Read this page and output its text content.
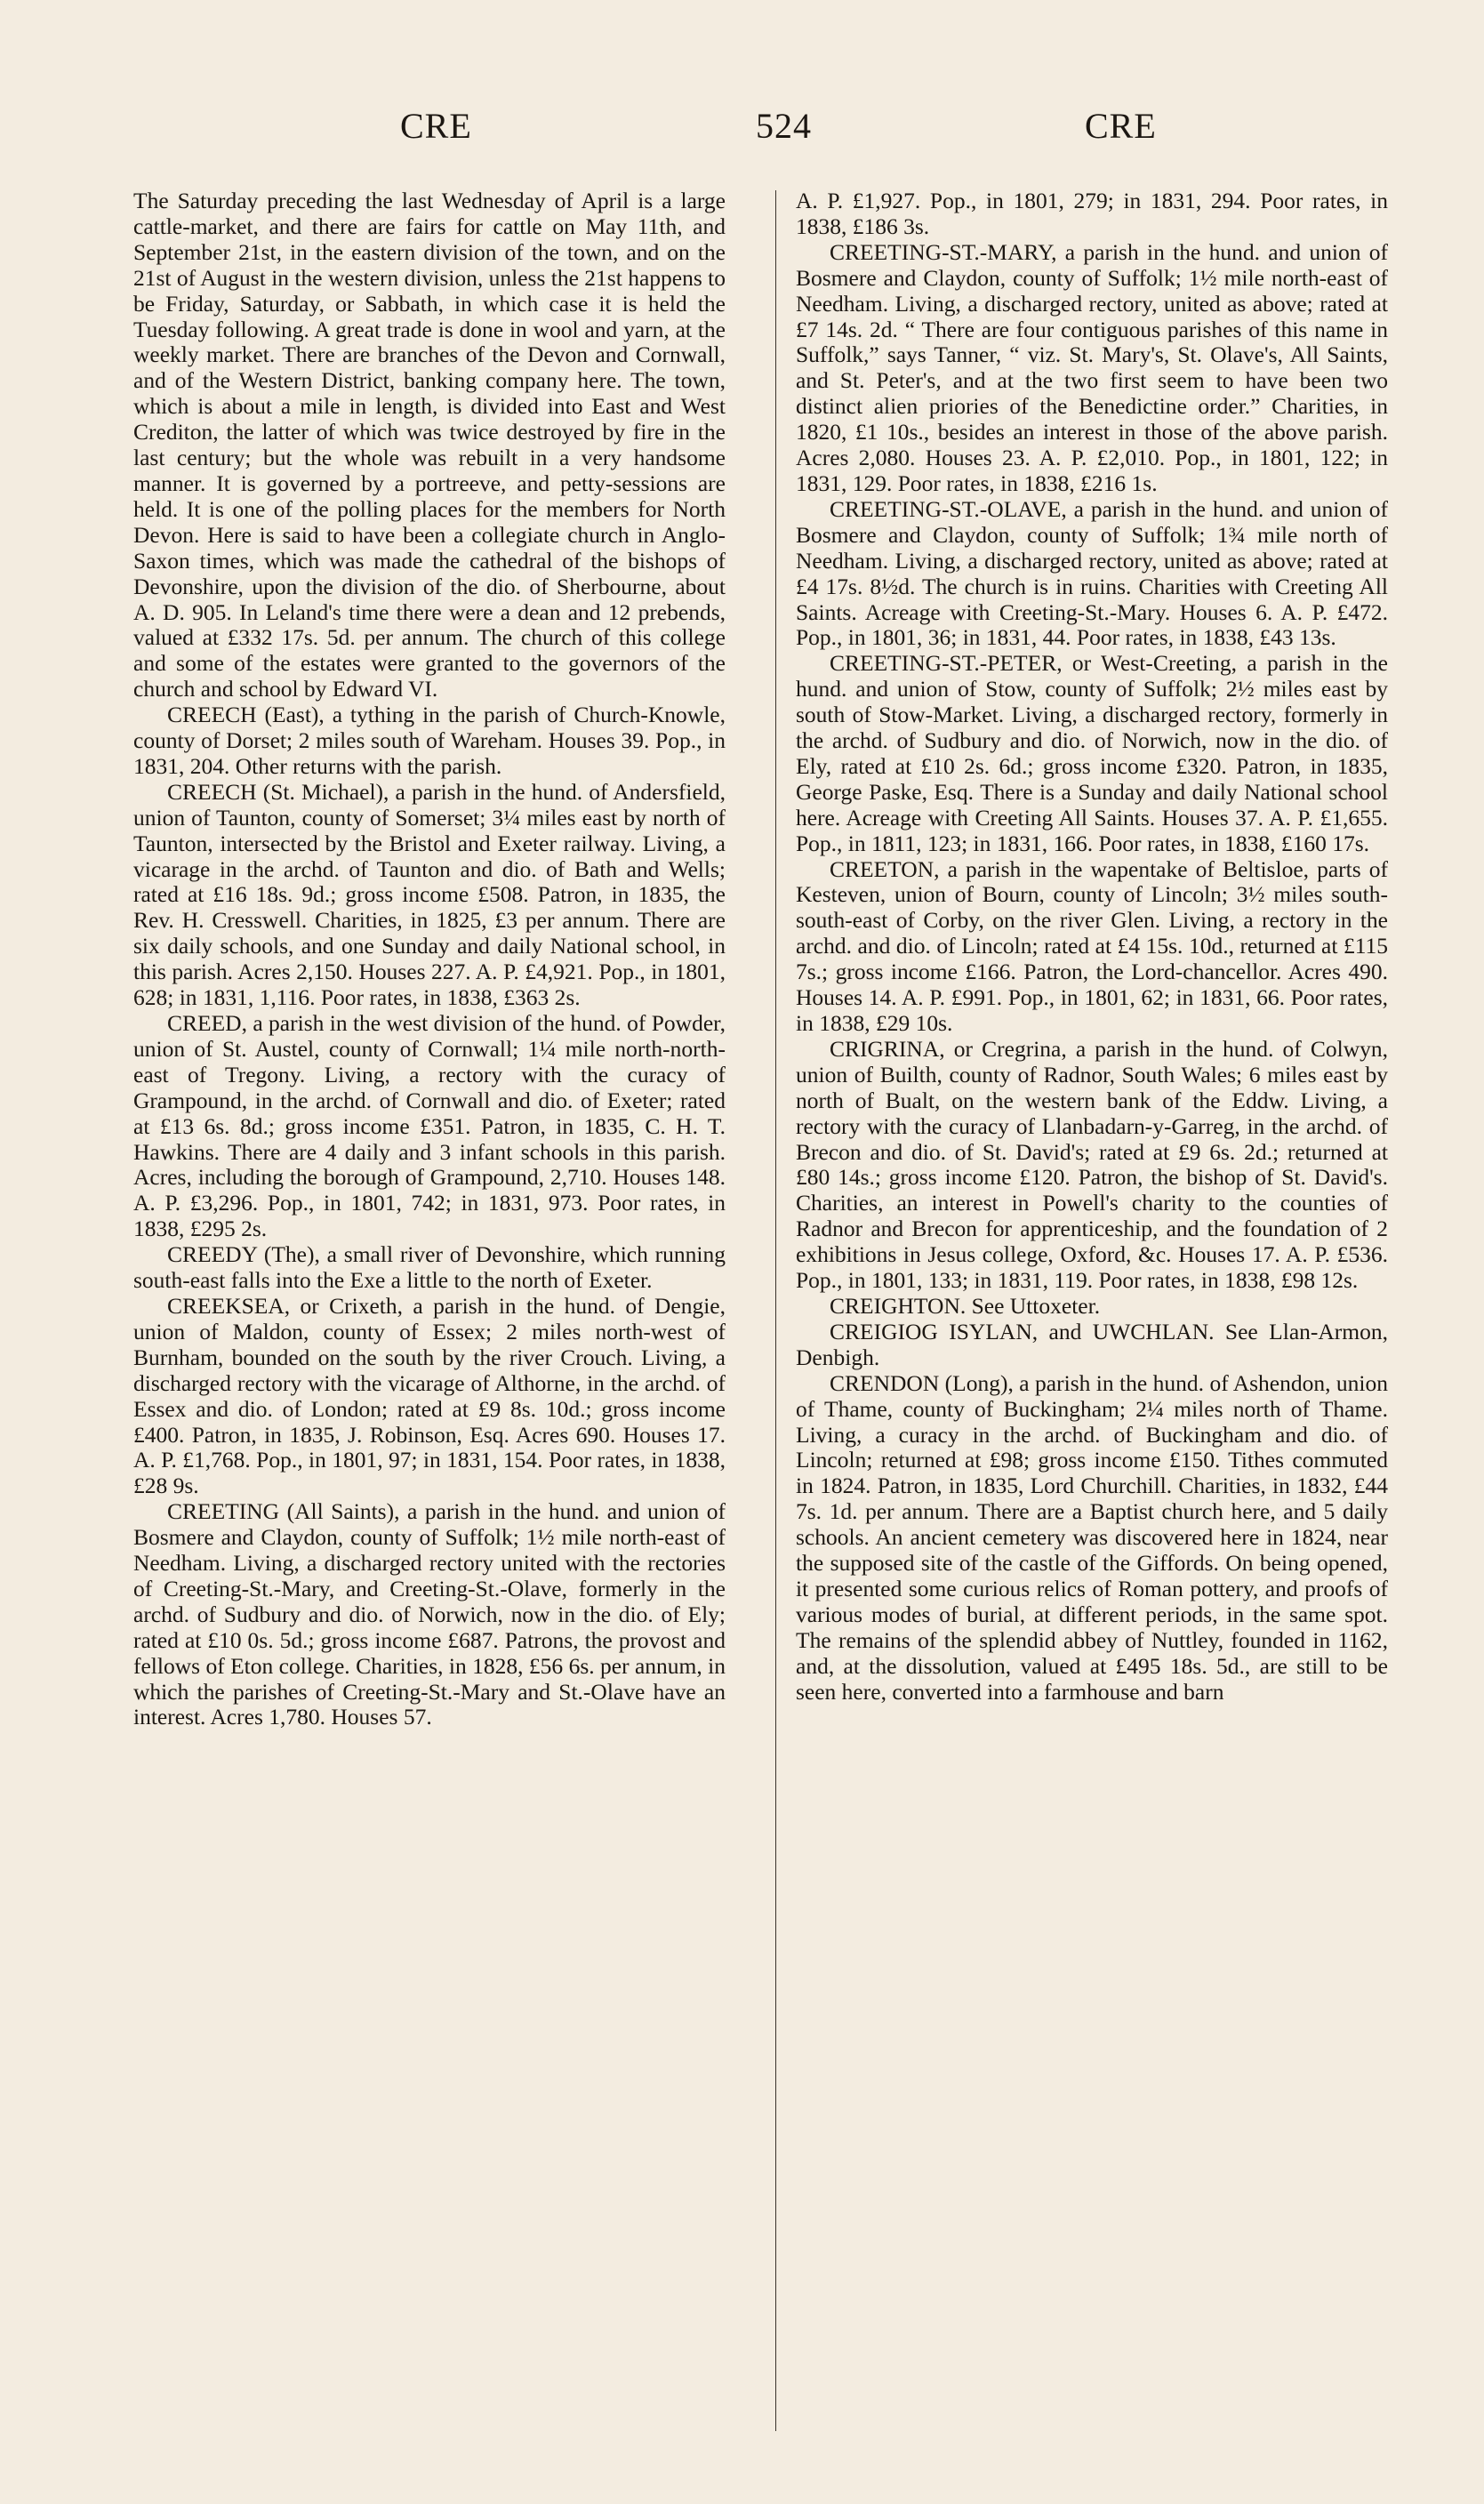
CRE	524	CRE

The Saturday preceding the last Wednesday of April is a large cattle-market, and there are fairs for cattle on May 11th, and September 21st, in the eastern division of the town, and on the 21st of August in the western division, unless the 21st happens to be Friday, Saturday, or Sabbath, in which case it is held the Tuesday following. A great trade is done in wool and yarn, at the weekly market. There are branches of the Devon and Cornwall, and of the Western District, banking company here. The town, which is about a mile in length, is divided into East and West Crediton, the latter of which was twice destroyed by fire in the last century; but the whole was rebuilt in a very handsome manner. It is governed by a portreeve, and petty-sessions are held. It is one of the polling places for the members for North Devon. Here is said to have been a collegiate church in Anglo-Saxon times, which was made the cathedral of the bishops of Devonshire, upon the division of the dio. of Sherbourne, about A. D. 905. In Leland's time there were a dean and 12 prebends, valued at £332 17s. 5d. per annum. The church of this college and some of the estates were granted to the governors of the church and school by Edward VI.

CREECH (East), a tything in the parish of Church-Knowle, county of Dorset; 2 miles south of Wareham. Houses 39. Pop., in 1831, 204. Other returns with the parish.

CREECH (St. Michael), a parish in the hund. of Andersfield, union of Taunton, county of Somerset; 3¼ miles east by north of Taunton, intersected by the Bristol and Exeter railway. Living, a vicarage in the archd. of Taunton and dio. of Bath and Wells; rated at £16 18s. 9d.; gross income £508. Patron, in 1835, the Rev. H. Cresswell. Charities, in 1825, £3 per annum. There are six daily schools, and one Sunday and daily National school, in this parish. Acres 2,150. Houses 227. A. P. £4,921. Pop., in 1801, 628; in 1831, 1,116. Poor rates, in 1838, £363 2s.

CREED, a parish in the west division of the hund. of Powder, union of St. Austel, county of Cornwall; 1¼ mile north-north-east of Tregony. Living, a rectory with the curacy of Grampound, in the archd. of Cornwall and dio. of Exeter; rated at £13 6s. 8d.; gross income £351. Patron, in 1835, C. H. T. Hawkins. There are 4 daily and 3 infant schools in this parish. Acres, including the borough of Grampound, 2,710. Houses 148. A. P. £3,296. Pop., in 1801, 742; in 1831, 973. Poor rates, in 1838, £295 2s.

CREEDY (The), a small river of Devonshire, which running south-east falls into the Exe a little to the north of Exeter.

CREEKSEA, or Crixeth, a parish in the hund. of Dengie, union of Maldon, county of Essex; 2 miles north-west of Burnham, bounded on the south by the river Crouch. Living, a discharged rectory with the vicarage of Althorne, in the archd. of Essex and dio. of London; rated at £9 8s. 10d.; gross income £400. Patron, in 1835, J. Robinson, Esq. Acres 690. Houses 17. A. P. £1,768. Pop., in 1801, 97; in 1831, 154. Poor rates, in 1838, £28 9s.

CREETING (All Saints), a parish in the hund. and union of Bosmere and Claydon, county of Suffolk; 1½ mile north-east of Needham. Living, a discharged rectory united with the rectories of Creeting-St.-Mary, and Creeting-St.-Olave, formerly in the archd. of Sudbury and dio. of Norwich, now in the dio. of Ely; rated at £10 0s. 5d.; gross income £687. Patrons, the provost and fellows of Eton college. Charities, in 1828, £56 6s. per annum, in which the parishes of Creeting-St.-Mary and St.-Olave have an interest. Acres 1,780. Houses 57.

A. P. £1,927. Pop., in 1801, 279; in 1831, 294. Poor rates, in 1838, £186 3s.

CREETING-ST.-MARY, a parish in the hund. and union of Bosmere and Claydon, county of Suffolk; 1½ mile north-east of Needham. Living, a discharged rectory, united as above; rated at £7 14s. 2d. “ There are four contiguous parishes of this name in Suffolk,” says Tanner, “ viz. St. Mary's, St. Olave's, All Saints, and St. Peter's, and at the two first seem to have been two distinct alien priories of the Benedictine order.” Charities, in 1820, £1 10s., besides an interest in those of the above parish. Acres 2,080. Houses 23. A. P. £2,010. Pop., in 1801, 122; in 1831, 129. Poor rates, in 1838, £216 1s.

CREETING-ST.-OLAVE, a parish in the hund. and union of Bosmere and Claydon, county of Suffolk; 1¾ mile north of Needham. Living, a discharged rectory, united as above; rated at £4 17s. 8½d. The church is in ruins. Charities with Creeting All Saints. Acreage with Creeting-St.-Mary. Houses 6. A. P. £472. Pop., in 1801, 36; in 1831, 44. Poor rates, in 1838, £43 13s.

CREETING-ST.-PETER, or West-Creeting, a parish in the hund. and union of Stow, county of Suffolk; 2½ miles east by south of Stow-Market. Living, a discharged rectory, formerly in the archd. of Sudbury and dio. of Norwich, now in the dio. of Ely, rated at £10 2s. 6d.; gross income £320. Patron, in 1835, George Paske, Esq. There is a Sunday and daily National school here. Acreage with Creeting All Saints. Houses 37. A. P. £1,655. Pop., in 1811, 123; in 1831, 166. Poor rates, in 1838, £160 17s.

CREETON, a parish in the wapentake of Beltisloe, parts of Kesteven, union of Bourn, county of Lincoln; 3½ miles south-south-east of Corby, on the river Glen. Living, a rectory in the archd. and dio. of Lincoln; rated at £4 15s. 10d., returned at £115 7s.; gross income £166. Patron, the Lord-chancellor. Acres 490. Houses 14. A. P. £991. Pop., in 1801, 62; in 1831, 66. Poor rates, in 1838, £29 10s.

CRIGRINA, or Cregrina, a parish in the hund. of Colwyn, union of Builth, county of Radnor, South Wales; 6 miles east by north of Bualt, on the western bank of the Eddw. Living, a rectory with the curacy of Llanbadarn-y-Garreg, in the archd. of Brecon and dio. of St. David's; rated at £9 6s. 2d.; returned at £80 14s.; gross income £120. Patron, the bishop of St. David's. Charities, an interest in Powell's charity to the counties of Radnor and Brecon for apprenticeship, and the foundation of 2 exhibitions in Jesus college, Oxford, &c. Houses 17. A. P. £536. Pop., in 1801, 133; in 1831, 119. Poor rates, in 1838, £98 12s.

CREIGHTON. See Uttoxeter.

CREIGIOG ISYLAN, and UWCHLAN. See Llan-Armon, Denbigh.

CRENDON (Long), a parish in the hund. of Ashendon, union of Thame, county of Buckingham; 2¼ miles north of Thame. Living, a curacy in the archd. of Buckingham and dio. of Lincoln; returned at £98; gross income £150. Tithes commuted in 1824. Patron, in 1835, Lord Churchill. Charities, in 1832, £44 7s. 1d. per annum. There are a Baptist church here, and 5 daily schools. An ancient cemetery was discovered here in 1824, near the supposed site of the castle of the Giffords. On being opened, it presented some curious relics of Roman pottery, and proofs of various modes of burial, at different periods, in the same spot. The remains of the splendid abbey of Nuttley, founded in 1162, and, at the dissolution, valued at £495 18s. 5d., are still to be seen here, converted into a farmhouse and barn
